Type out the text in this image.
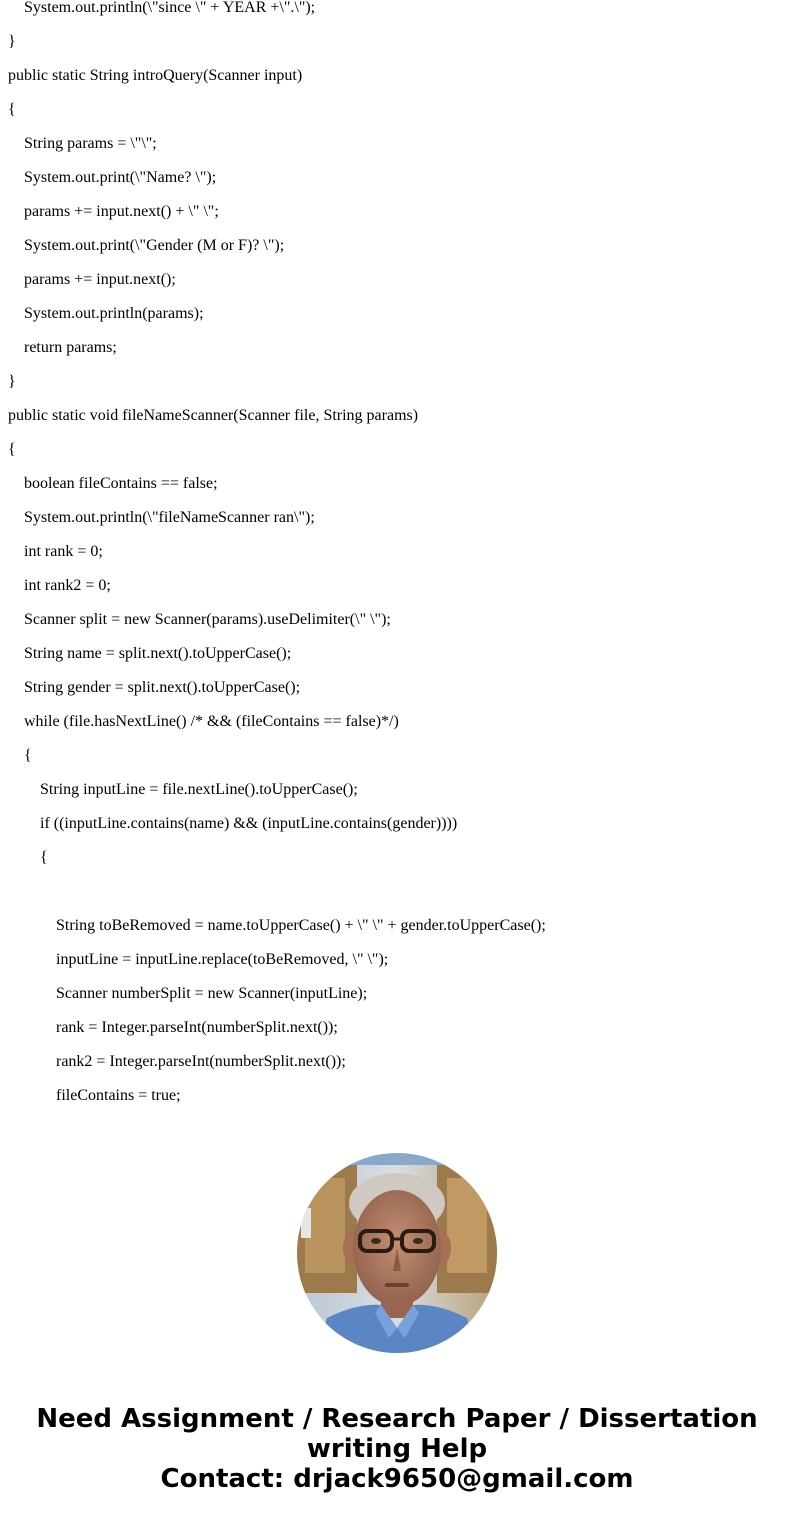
System.out.println(\"since \" + YEAR +\".\");
}
public static String introQuery(Scanner input)
{
String params = \"\";
System.out.print(\"Name? \");
params += input.next() + \" \";
System.out.print(\"Gender (M or F)? \");
params += input.next();
System.out.println(params);
return params;
}
public static void fileNameScanner(Scanner file, String params)
{
boolean fileContains == false;
System.out.println(\"fileNameScanner ran\");
int rank = 0;
int rank2 = 0;
Scanner split = new Scanner(params).useDelimiter(\" \");
String name = split.next().toUpperCase();
String gender = split.next().toUpperCase();
while (file.hasNextLine() /* && (fileContains == false)*/)
{
String inputLine = file.nextLine().toUpperCase();
if ((inputLine.contains(name) && (inputLine.contains(gender))))
{
String toBeRemoved = name.toUpperCase() + \" \" + gender.toUpperCase();
inputLine = inputLine.replace(toBeRemoved, \" \");
Scanner numberSplit = new Scanner(inputLine);
rank = Integer.parseInt(numberSplit.next());
rank2 = Integer.parseInt(numberSplit.next());
fileContains = true;
Need Assignment / Research Paper / Dissertation
writing Help
Contact: drjack9650@gmail.com
